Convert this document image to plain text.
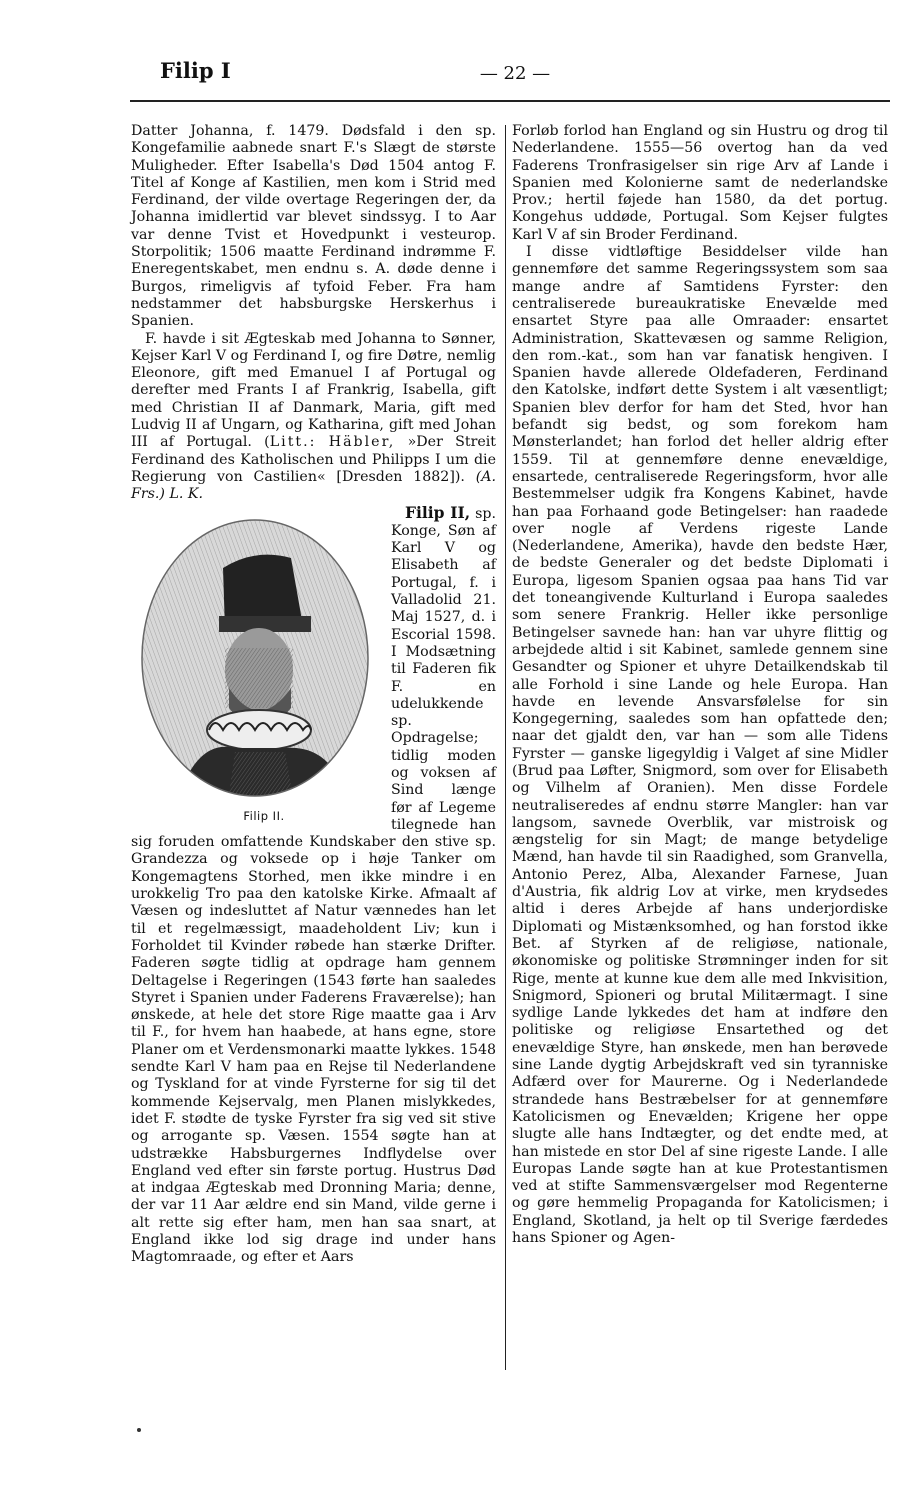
Filip I	— 22 —

Datter Johanna, f. 1479. Dødsfald i den sp. Kongefamilie aabnede snart F.'s Slægt de største Muligheder. Efter Isabella's Død 1504 antog F. Titel af Konge af Kastilien, men kom i Strid med Ferdinand, der vilde overtage Regeringen der, da Johanna imidlertid var blevet sindssyg. I to Aar var denne Tvist et Hovedpunkt i vesteurop. Storpolitik; 1506 maatte Ferdinand indrømme F. Eneregentskabet, men endnu s. A. døde denne i Burgos, rimeligvis af tyfoid Feber. Fra ham nedstammer det habsburgske Herskerhus i Spanien.

F. havde i sit Ægteskab med Johanna to Sønner, Kejser Karl V og Ferdinand I, og fire Døtre, nemlig Eleonore, gift med Emanuel I af Portugal og derefter med Frants I af Frankrig, Isabella, gift med Christian II af Danmark, Maria, gift med Ludvig II af Ungarn, og Katharina, gift med Johan III af Portugal. (Litt.: Häbler, »Der Streit Ferdinand des Katholischen und Philipps I um die Regierung von Castilien« [Dresden 1882]). (A. Frs.) L. K.

Filip II,
Filip II.
sp. Konge, Søn af Karl V og Elisabeth af Portugal, f. i Valladolid 21. Maj 1527, d. i Escorial 1598. I Modsætning til Faderen fik F. en udelukkende sp. Opdragelse; tidlig moden og voksen af Sind længe før af Legeme tilegnede han sig foruden omfattende Kundskaber den stive sp. Grandezza og voksede op i høje Tanker om Kongemagtens Storhed, men ikke mindre i en urokkelig Tro paa den katolske Kirke. Afmaalt af Væsen og indesluttet af Natur vænnedes han let til et regelmæssigt, maadeholdent Liv; kun i Forholdet til Kvinder røbede han stærke Drifter. Faderen søgte tidlig at opdrage ham gennem Deltagelse i Regeringen (1543 førte han saaledes Styret i Spanien under Faderens Fraværelse); han ønskede, at hele det store Rige maatte gaa i Arv til F., for hvem han haabede, at hans egne, store Planer om et Verdensmonarki maatte lykkes. 1548 sendte Karl V ham paa en Rejse til Nederlandene og Tyskland for at vinde Fyrsterne for sig til det kommende Kejservalg, men Planen mislykkedes, idet F. stødte de tyske Fyrster fra sig ved sit stive og arrogante sp. Væsen. 1554 søgte han at udstrække Habsburgernes Indflydelse over England ved efter sin første portug. Hustrus Død at indgaa Ægteskab med Dronning Maria; denne, der var 11 Aar ældre end sin Mand, vilde gerne i alt rette sig efter ham, men han saa snart, at England ikke lod sig drage ind under hans Magtomraade, og efter et Aars

Forløb forlod han England og sin Hustru og drog til Nederlandene. 1555—56 overtog han da ved Faderens Tronfrasigelser sin rige Arv af Lande i Spanien med Kolonierne samt de nederlandske Prov.; hertil føjede han 1580, da det portug. Kongehus uddøde, Portugal. Som Kejser fulgtes Karl V af sin Broder Ferdinand.

I disse vidtløftige Besiddelser vilde han gennemføre det samme Regeringssystem som saa mange andre af Samtidens Fyrster: den centraliserede bureaukratiske Enevælde med ensartet Styre paa alle Omraader: ensartet Administration, Skattevæsen og samme Religion, den rom.-kat., som han var fanatisk hengiven. I Spanien havde allerede Oldefaderen, Ferdinand den Katolske, indført dette System i alt væsentligt; Spanien blev derfor for ham det Sted, hvor han befandt sig bedst, og som forekom ham Mønsterlandet; han forlod det heller aldrig efter 1559. Til at gennemføre denne enevældige, ensartede, centraliserede Regeringsform, hvor alle Bestemmelser udgik fra Kongens Kabinet, havde han paa Forhaand gode Betingelser: han raadede over nogle af Verdens rigeste Lande (Nederlandene, Amerika), havde den bedste Hær, de bedste Generaler og det bedste Diplomati i Europa, ligesom Spanien ogsaa paa hans Tid var det toneangivende Kulturland i Europa saaledes som senere Frankrig. Heller ikke personlige Betingelser savnede han: han var uhyre flittig og arbejdede altid i sit Kabinet, samlede gennem sine Gesandter og Spioner et uhyre Detailkendskab til alle Forhold i sine Lande og hele Europa. Han havde en levende Ansvarsfølelse for sin Kongegerning, saaledes som han opfattede den; naar det gjaldt den, var han — som alle Tidens Fyrster — ganske ligegyldig i Valget af sine Midler (Brud paa Løfter, Snigmord, som over for Elisabeth og Vilhelm af Oranien). Men disse Fordele neutraliseredes af endnu større Mangler: han var langsom, savnede Overblik, var mistroisk og ængstelig for sin Magt; de mange betydelige Mænd, han havde til sin Raadighed, som Granvella, Antonio Perez, Alba, Alexander Farnese, Juan d'Austria, fik aldrig Lov at virke, men krydsedes altid i deres Arbejde af hans underjordiske Diplomati og Mistænksomhed, og han forstod ikke Bet. af Styrken af de religiøse, nationale, økonomiske og politiske Strømninger inden for sit Rige, mente at kunne kue dem alle med Inkvisition, Snigmord, Spioneri og brutal Militærmagt. I sine sydlige Lande lykkedes det ham at indføre den politiske og religiøse Ensartethed og det enevældige Styre, han ønskede, men han berøvede sine Lande dygtig Arbejdskraft ved sin tyranniske Adfærd over for Maurerne. Og i Nederlandede strandede hans Bestræbelser for at gennemføre Katolicismen og Enevælden; Krigene her oppe slugte alle hans Indtægter, og det endte med, at han mistede en stor Del af sine rigeste Lande. I alle Europas Lande søgte han at kue Protestantismen ved at stifte Sammensværgelser mod Regenterne og gøre hemmelig Propaganda for Katolicismen; i England, Skotland, ja helt op til Sverige færdedes hans Spioner og Agen-
